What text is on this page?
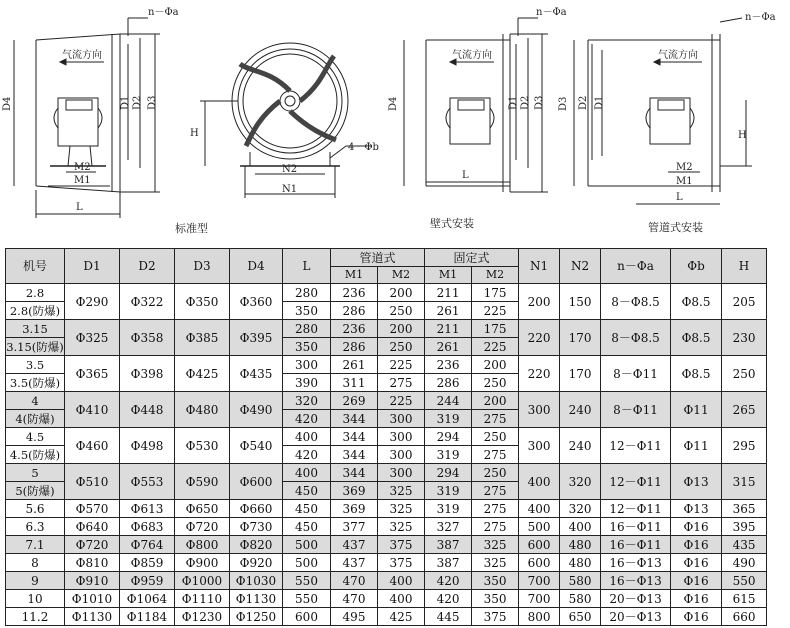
n－Φa
气流方向
D4	D1 D2 D3
M2
M1
L
H
4－Φb
N2
N1
n－Φa
气流方向
D4	D1 D2 D3
L
n－Φa
气流方向
D3 D2 D1
H
M2
M1
L
标准型	壁式安装	管道式安装
机号	D1	D2	D3	D4	L	管道式		固定式		N1	N2	n－Φa	Φb	H
						M1	M2	M1	M2					
2.8	Φ290	Φ322	Φ350	Φ360	280	236	200	211	175	200	150	8－Φ8.5	Φ8.5	205
2.8(防爆)					350	286	250	261	225					
3.15	Φ325	Φ358	Φ385	Φ395	280	236	200	211	175	220	170	8－Φ8.5	Φ8.5	230
3.15(防爆)					350	286	250	261	225					
3.5	Φ365	Φ398	Φ425	Φ435	300	261	225	236	200	220	170	8－Φ11	Φ8.5	250
3.5(防爆)					390	311	275	286	250					
4	Φ410	Φ448	Φ480	Φ490	320	269	225	244	200	300	240	8－Φ11	Φ11	265
4(防爆)					420	344	300	319	275					
4.5	Φ460	Φ498	Φ530	Φ540	400	344	300	294	250	300	240	12－Φ11	Φ11	295
4.5(防爆)					420	344	300	319	275					
5	Φ510	Φ553	Φ590	Φ600	400	344	300	294	250	400	320	12－Φ11	Φ13	315
5(防爆)					450	369	325	319	275					
5.6	Φ570	Φ613	Φ650	Φ660	450	369	325	319	275	400	320	12－Φ11	Φ13	365
6.3	Φ640	Φ683	Φ720	Φ730	450	377	325	327	275	500	400	16－Φ11	Φ16	395
7.1	Φ720	Φ764	Φ800	Φ820	500	437	375	387	325	600	480	16－Φ11	Φ16	435
8	Φ810	Φ859	Φ900	Φ920	500	437	375	387	325	600	480	16－Φ13	Φ16	490
9	Φ910	Φ959	Φ1000	Φ1030	550	470	400	420	350	700	580	16－Φ13	Φ16	550
10	Φ1010	Φ1064	Φ1110	Φ1130	550	470	400	420	350	700	580	20－Φ13	Φ16	615
11.2	Φ1130	Φ1184	Φ1230	Φ1250	600	495	425	445	375	800	650	20－Φ13	Φ16	660
